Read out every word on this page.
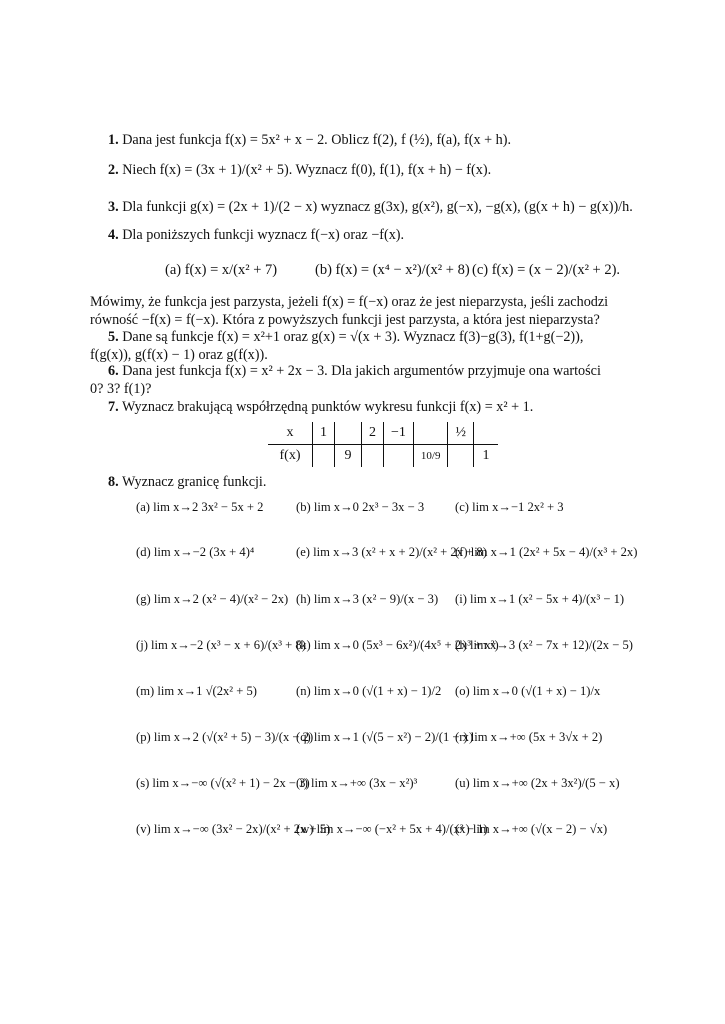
1. Dana jest funkcja f(x) = 5x² + x − 2. Oblicz f(2), f (½), f(a), f(x + h).
2. Niech f(x) = (3x + 1)/(x² + 5). Wyznacz f(0), f(1), f(x + h) − f(x).
3. Dla funkcji g(x) = (2x + 1)/(2 − x) wyznacz g(3x), g(x²), g(−x), −g(x), (g(x + h) − g(x))/h.
4. Dla poniższych funkcji wyznacz f(−x) oraz −f(x).
(a) f(x) = x/(x² + 7)	(b) f(x) = (x⁴ − x²)/(x² + 8) (c) f(x) = (x − 2)/(x² + 2).
Mówimy, że funkcja jest parzysta, jeżeli f(x) = f(−x) oraz że jest nieparzysta, jeśli zachodzi
równość −f(x) = f(−x). Która z powyższych funkcji jest parzysta, a która jest nieparzysta?
5. Dane są funkcje f(x) = x²+1 oraz g(x) = √(x + 3). Wyznacz f(3)−g(3), f(1+g(−2)),
f(g(x)), g(f(x) − 1) oraz g(f(x)).
6. Dana jest funkcja f(x) = x² + 2x − 3. Dla jakich argumentów przyjmuje ona wartości
0? 3? f(1)?
7. Wyznacz brakującą współrzędną punktów wykresu funkcji f(x) = x² + 1.
x	1		2	−1		½	
f(x)		9			10/9		1
8. Wyznacz granicę funkcji.
(a) lim x→2 3x² − 5x + 2	(b) lim x→0 2x³ − 3x − 3 (c) lim x→−1 2x² + 3
(d) lim x→−2 (3x + 4)⁴	(e) lim x→3 (x² + x + 2)/(x² + 2x + 8)
(f) lim x→1 (2x² + 5x − 4)/(x³ + 2x)
(g) lim x→2 (x² − 4)/(x² − 2x) (h) lim x→3 (x² − 9)/(x − 3) (i) lim x→1 (x² − 5x + 4)/(x³ − 1)
(j) lim x→−2 (x³ − x + 6)/(x³ + 8)
(k) lim x→0 (5x³ − 6x²)/(4x⁵ + 2x³ + x²)
(l) lim x→3 (x² − 7x + 12)/(2x − 5)
(m) lim x→1 √(2x² + 5)	(n) lim x→0 (√(1 + x) − 1)/2 (o) lim x→0 (√(1 + x) − 1)/x
(p) lim x→2 (√(x² + 5) − 3)/(x − 2)
(q) lim x→1 (√(5 − x²) − 2)/(1 − x)
(r) lim x→+∞ (5x + 3√x + 2)
(s) lim x→−∞ (√(x² + 1) − 2x − 3)
(t) lim x→+∞ (3x − x²)³	(u) lim x→+∞ (2x + 3x²)/(5 − x)
(v) lim x→−∞ (3x² − 2x)/(x² + 2x + 5)
(w) lim x→−∞ (−x² + 5x + 4)/(x³ − 1)
(x) lim x→+∞ (√(x − 2) − √x)
